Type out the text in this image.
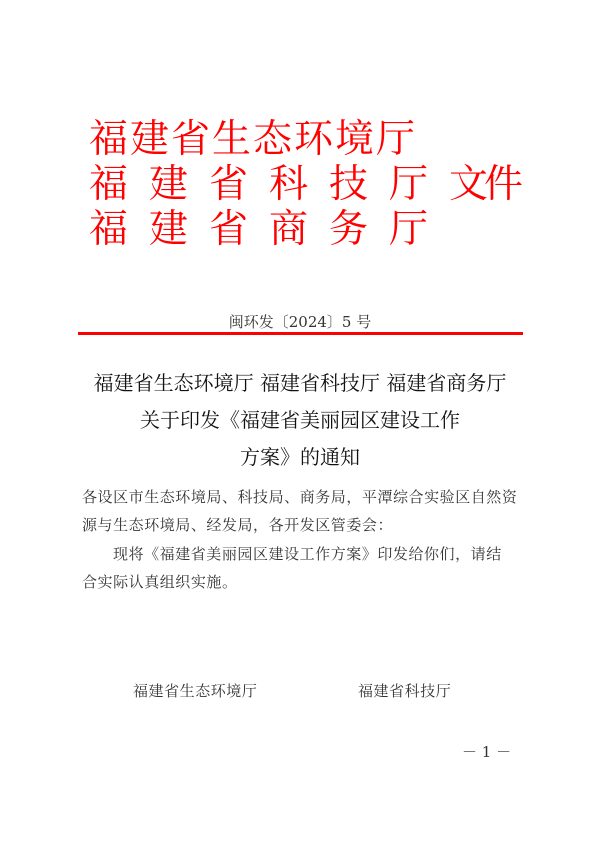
福建省生态环境厅
福建省科技厅文件
福建省商务厅
闽环发〔2024〕5 号
福建省生态环境厅 福建省科技厅 福建省商务厅
关于印发《福建省美丽园区建设工作
方案》的通知
各设区市生态环境局、科技局、商务局，平潭综合实验区自然资
源与生态环境局、经发局，各开发区管委会：
现将《福建省美丽园区建设工作方案》印发给你们，请结
合实际认真组织实施。
福建省生态环境厅	福建省科技厅
－ 1 －
